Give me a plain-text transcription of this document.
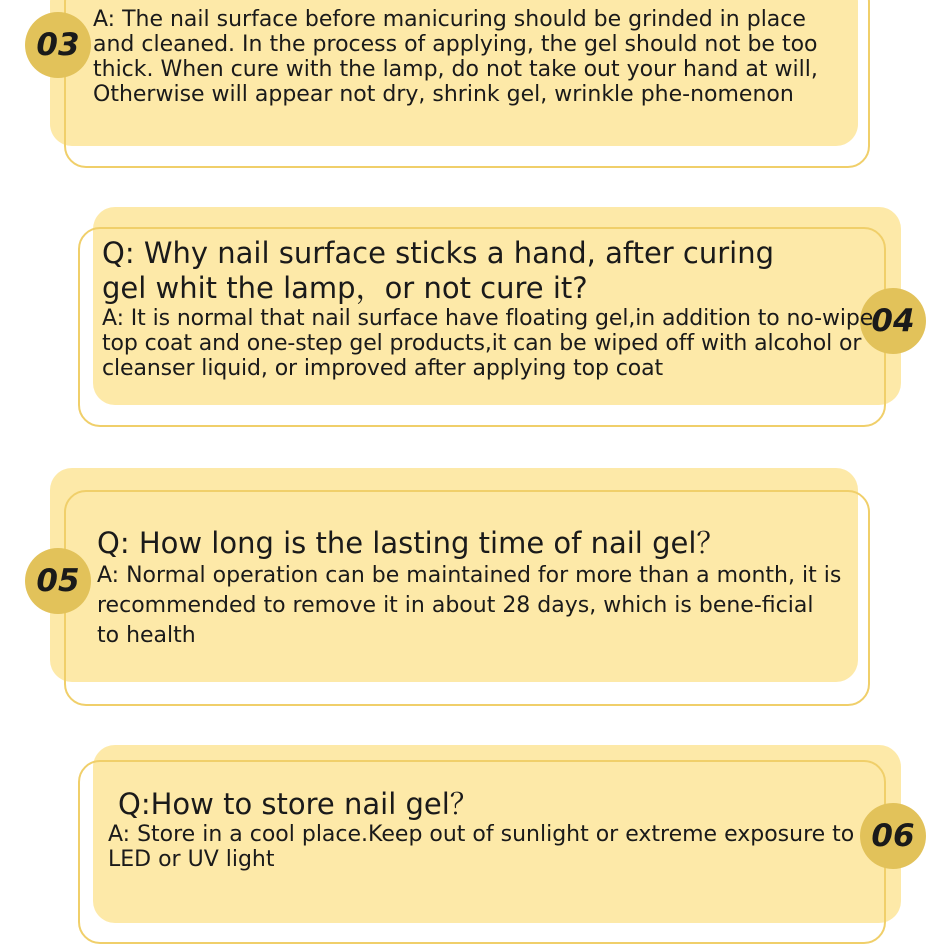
03

A: The nail surface before manicuring should be grinded in place and cleaned. In the process of applying, the gel should not be too thick. When cure with the lamp, do not take out your hand at will, Otherwise will appear not dry, shrink gel, wrinkle phe-nomenon

04
Q: Why nail surface sticks a hand, after curing gel whit the lamp，or not cure it?

A: It is normal that nail surface have floating gel,in addition to no-wipe top coat and one-step gel products,it can be wiped off with alcohol or cleanser liquid, or improved after applying top coat

05
Q: How long is the lasting time of nail gel？

A: Normal operation can be maintained for more than a month, it is recommended to remove it in about 28 days, which is bene-ficial to health

06
Q:How to store nail gel？

A: Store in a cool place.Keep out of sunlight or extreme exposure to LED or UV light
